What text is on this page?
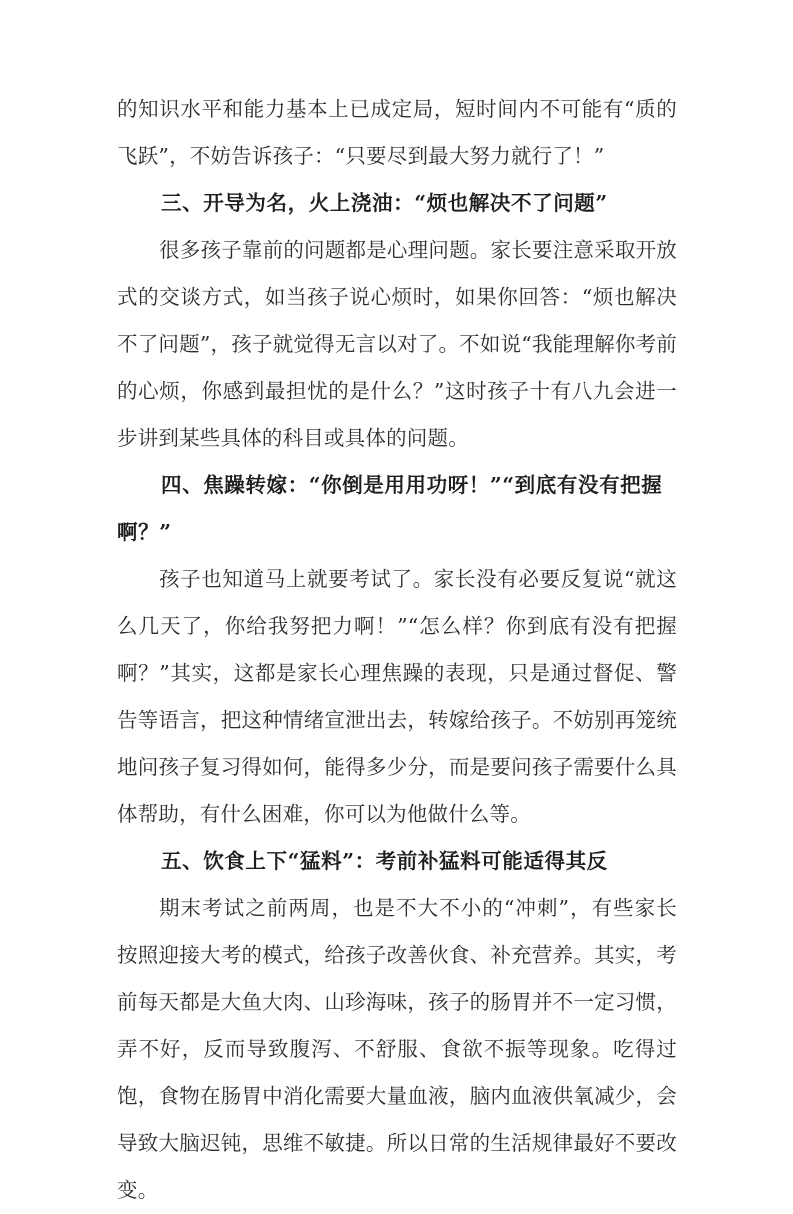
的知识水平和能力基本上已成定局，短时间内不可能有“质的飞跃”，不妨告诉孩子：“只要尽到最大努力就行了！”

三、开导为名，火上浇油：“烦也解决不了问题”

很多孩子靠前的问题都是心理问题。家长要注意采取开放式的交谈方式，如当孩子说心烦时，如果你回答：“烦也解决不了问题”，孩子就觉得无言以对了。不如说“我能理解你考前的心烦，你感到最担忧的是什么？”这时孩子十有八九会进一步讲到某些具体的科目或具体的问题。

四、焦躁转嫁：“你倒是用用功呀！”“到底有没有把握啊？”

孩子也知道马上就要考试了。家长没有必要反复说“就这么几天了，你给我努把力啊！”“怎么样？你到底有没有把握啊？”其实，这都是家长心理焦躁的表现，只是通过督促、警告等语言，把这种情绪宣泄出去，转嫁给孩子。不妨别再笼统地问孩子复习得如何，能得多少分，而是要问孩子需要什么具体帮助，有什么困难，你可以为他做什么等。

五、饮食上下“猛料”：考前补猛料可能适得其反

期末考试之前两周，也是不大不小的“冲刺”，有些家长按照迎接大考的模式，给孩子改善伙食、补充营养。其实，考前每天都是大鱼大肉、山珍海味，孩子的肠胃并不一定习惯，弄不好，反而导致腹泻、不舒服、食欲不振等现象。吃得过饱，食物在肠胃中消化需要大量血液，脑内血液供氧减少，会导致大脑迟钝，思维不敏捷。所以日常的生活规律最好不要改变。
